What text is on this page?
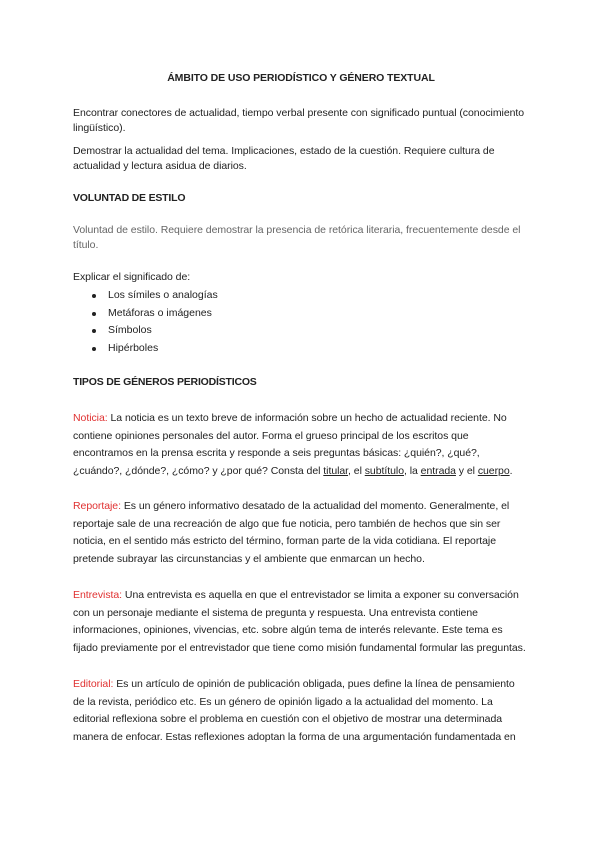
ÁMBITO DE USO PERIODÍSTICO Y GÉNERO TEXTUAL

Encontrar conectores de actualidad, tiempo verbal presente con significado puntual (conocimiento lingüístico).

Demostrar la actualidad del tema. Implicaciones, estado de la cuestión. Requiere cultura de actualidad y lectura asidua de diarios.

VOLUNTAD DE ESTILO

Voluntad de estilo. Requiere demostrar la presencia de retórica literaria, frecuentemente desde el título.

Explicar el significado de:

Los símiles o analogías
Metáforas o imágenes
Símbolos
Hipérboles
TIPOS DE GÉNEROS PERIODÍSTICOS

Noticia: La noticia es un texto breve de información sobre un hecho de actualidad reciente. No contiene opiniones personales del autor. Forma el grueso principal de los escritos que encontramos en la prensa escrita y responde a seis preguntas básicas: ¿quién?, ¿qué?, ¿cuándo?, ¿dónde?, ¿cómo? y ¿por qué? Consta del titular, el subtítulo, la entrada y el cuerpo.

Reportaje: Es un género informativo desatado de la actualidad del momento. Generalmente, el reportaje sale de una recreación de algo que fue noticia, pero también de hechos que sin ser noticia, en el sentido más estricto del término, forman parte de la vida cotidiana. El reportaje pretende subrayar las circunstancias y el ambiente que enmarcan un hecho.

Entrevista: Una entrevista es aquella en que el entrevistador se limita a exponer su conversación con un personaje mediante el sistema de pregunta y respuesta. Una entrevista contiene informaciones, opiniones, vivencias, etc. sobre algún tema de interés relevante. Este tema es fijado previamente por el entrevistador que tiene como misión fundamental formular las preguntas.

Editorial: Es un artículo de opinión de publicación obligada, pues define la línea de pensamiento de la revista, periódico etc. Es un género de opinión ligado a la actualidad del momento. La editorial reflexiona sobre el problema en cuestión con el objetivo de mostrar una determinada manera de enfocar. Estas reflexiones adoptan la forma de una argumentación fundamentada en
